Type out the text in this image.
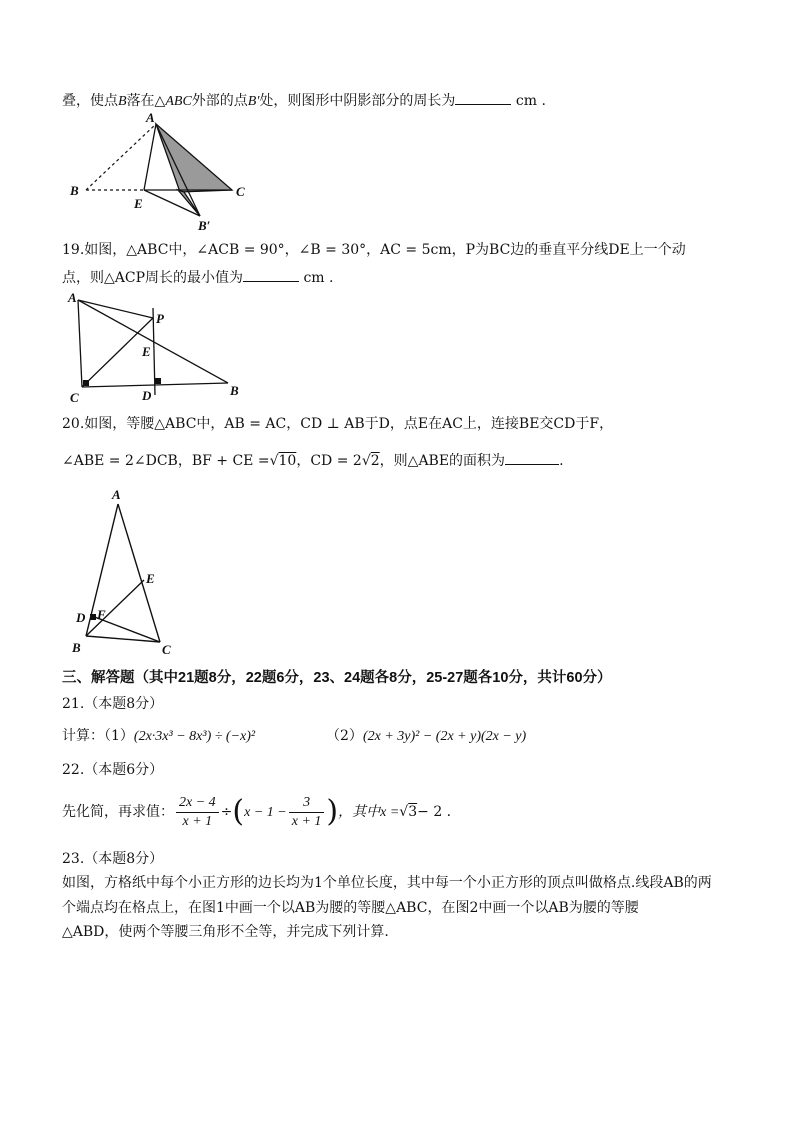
叠，使点B落在△ABC外部的点B′处，则图形中阴影部分的周长为	cm .
A
B	C
E
B′
19.如图，△ABC中，∠ACB = 90°，∠B = 30°，AC = 5cm，P为BC边的垂直平分线DE上一个动
点，则△ACP周长的最小值为	cm .
A
P
E
C	D	B
20.如图，等腰△ABC中，AB = AC，CD ⊥ AB于D，点E在AC上，连接BE交CD于F，
∠ABE = 2∠DCB，BF + CE =√10，CD = 2√2，则△ABE的面积为	.
A
E
D F
B	C
三、解答题（其中21题8分，22题6分，23、24题各8分，25-27题各10分，共计60分）
21.（本题8分）
计算：（1）(2x·3x³ − 8x³) ÷ (−x)²	（2）(2x + 3y)² − (2x + y)(2x − y)
22.（本题6分）
先化简，再求值： $\frac{2x - 4}{x + 1} \div(x - 1 - \frac{3}{x + 1}$ )，其中x =√3− 2 .
23.（本题8分）
如图，方格纸中每个小正方形的边长均为1个单位长度，其中每一个小正方形的顶点叫做格点.线段AB的两
个端点均在格点上，在图1中画一个以AB为腰的等腰△ABC，在图2中画一个以AB为腰的等腰
△ABD，使两个等腰三角形不全等，并完成下列计算.
